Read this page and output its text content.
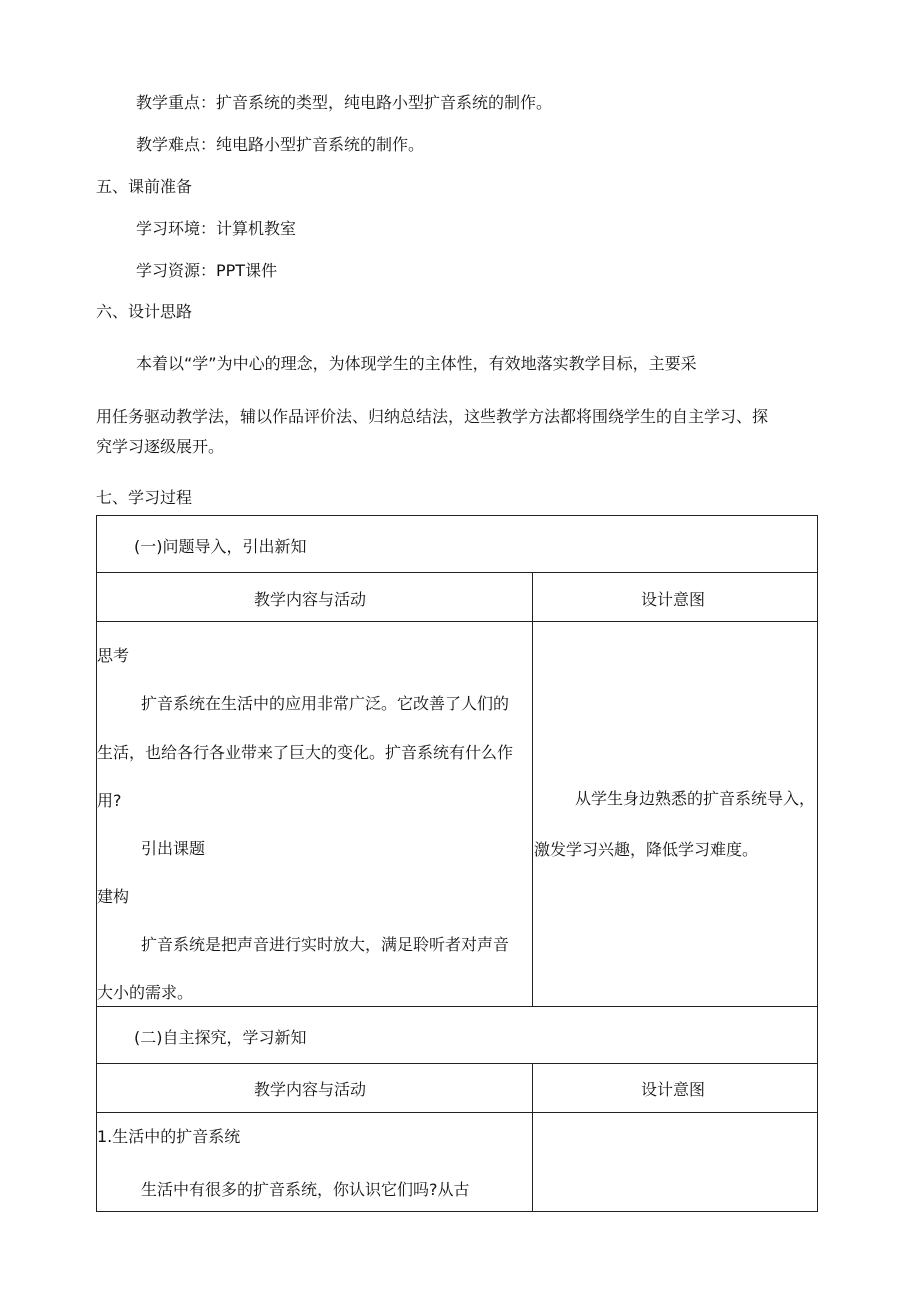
教学重点：扩音系统的类型，纯电路小型扩音系统的制作。
教学难点：纯电路小型扩音系统的制作。
五、课前准备
学习环境：计算机教室
学习资源：PPT课件
六、设计思路
本着以“学”为中心的理念，为体现学生的主体性，有效地落实教学目标，主要采
用任务驱动教学法，辅以作品评价法、归纳总结法，这些教学方法都将围绕学生的自主学习、探
究学习逐级展开。
七、学习过程
(一)问题导入，引出新知
教学内容与活动	设计意图
思考
扩音系统在生活中的应用非常广泛。它改善了人们的
生活，也给各行各业带来了巨大的变化。扩音系统有什么作
用?
引出课题
建构
扩音系统是把声音进行实时放大，满足聆听者对声音
大小的需求。
从学生身边熟悉的扩音系统导入，
激发学习兴趣，降低学习难度。
(二)自主探究，学习新知
教学内容与活动	设计意图
1.生活中的扩音系统
生活中有很多的扩音系统，你认识它们吗?从古
